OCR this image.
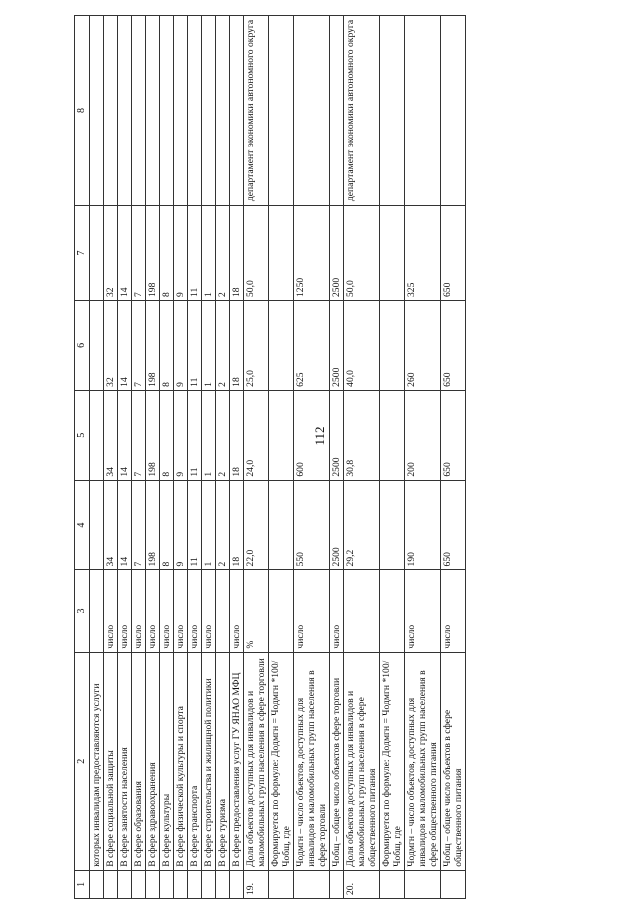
112
1	2	3	4	5	6	7	8
	которых инвалидам предоставляются услуги						
	В сфере социальной защиты	число	34	34	32	32	
	В сфере занятости населения	число	14	14	14	14	
	В сфере образования	число	7	7	7	7	
	В сфере здравоохранения	число	198	198	198	198	
	В сфере культуры	число	8	8	8	8	
	В сфере физической культуры и спорта	число	9	9	9	9	
	В сфере транспорта	число	11	11	11	11	
	В сфере строительства и жилищной политики	число	1	1	1	1	
	В сфере туризма		2	2	2	2	
	В сфере предоставления услуг ГУ ЯНАО МФЦ	число	18	18	18	18	
19.	Доля объектов доступных для инвалидов и маломобильных групп населения в сфере торговли	%	22,0	24,0	25,0	50,0	департамент экономики автономного округа
	Формируется по формуле: Додмгн = Чодмгн *100/Чобщ, где						
	Чодмгн – число объектов, доступных для инвалидов и маломобильных групп населения в сфере торговли	число	550	600	625	1250	
	Чобщ – общее число объектов сфере торговли	число	2500	2500	2500	2500	
20.	Доля объектов доступных для инвалидов и маломобильных групп населения в сфере общественного питания		29,2	30,8	40,0	50,0	департамент экономики автономного округа
	Формируется по формуле: Додмгн = Чодмгн *100/Чобщ, где						
	Чодмгн – число объектов, доступных для инвалидов и маломобильных групп населения в сфере общественного питания	число	190	200	260	325	
	Чобщ – общее число объектов в сфере общественного питания	число	650	650	650	650	
